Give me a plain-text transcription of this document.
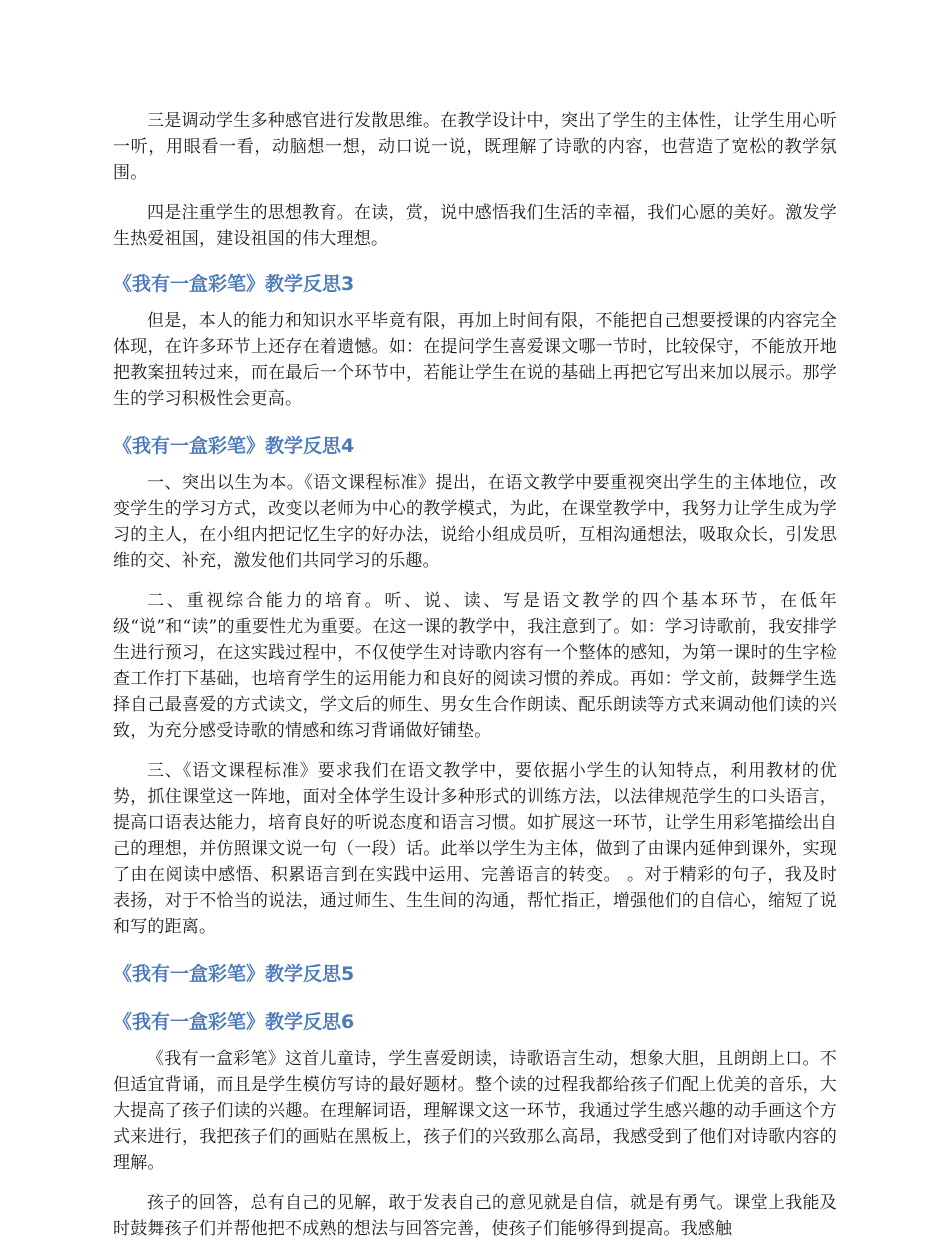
三是调动学生多种感官进行发散思维。在教学设计中，突出了学生的主体性，让学生用心听一听，用眼看一看，动脑想一想，动口说一说，既理解了诗歌的内容，也营造了宽松的教学氛围。

四是注重学生的思想教育。在读，赏，说中感悟我们生活的幸福，我们心愿的美好。激发学生热爱祖国，建设祖国的伟大理想。

《我有一盒彩笔》教学反思3

但是，本人的能力和知识水平毕竟有限，再加上时间有限，不能把自己想要授课的内容完全体现，在许多环节上还存在着遗憾。如：在提问学生喜爱课文哪一节时，比较保守，不能放开地把教案扭转过来，而在最后一个环节中，若能让学生在说的基础上再把它写出来加以展示。那学生的学习积极性会更高。

《我有一盒彩笔》教学反思4

一、突出以生为本。《语文课程标准》提出，在语文教学中要重视突出学生的主体地位，改变学生的学习方式，改变以老师为中心的教学模式，为此，在课堂教学中，我努力让学生成为学习的主人，在小组内把记忆生字的好办法，说给小组成员听，互相沟通想法，吸取众长，引发思维的交、补充，激发他们共同学习的乐趣。

二、重视综合能力的培育。听、说、读、写是语文教学的四个基本环节，在低年级“说”和“读”的重要性尤为重要。在这一课的教学中，我注意到了。如：学习诗歌前，我安排学生进行预习，在这实践过程中，不仅使学生对诗歌内容有一个整体的感知，为第一课时的生字检查工作打下基础，也培育学生的运用能力和良好的阅读习惯的养成。再如：学文前，鼓舞学生选择自己最喜爱的方式读文，学文后的师生、男女生合作朗读、配乐朗读等方式来调动他们读的兴致，为充分感受诗歌的情感和练习背诵做好铺垫。

三、《语文课程标准》要求我们在语文教学中，要依据小学生的认知特点，利用教材的优势，抓住课堂这一阵地，面对全体学生设计多种形式的训练方法，以法律规范学生的口头语言，提高口语表达能力，培育良好的听说态度和语言习惯。如扩展这一环节，让学生用彩笔描绘出自己的理想，并仿照课文说一句（一段）话。此举以学生为主体，做到了由课内延伸到课外，实现了由在阅读中感悟、积累语言到在实践中运用、完善语言的转变。 。对于精彩的句子，我及时表扬，对于不恰当的说法，通过师生、生生间的沟通，帮忙指正，增强他们的自信心，缩短了说和写的距离。

《我有一盒彩笔》教学反思5
《我有一盒彩笔》教学反思6

《我有一盒彩笔》这首儿童诗，学生喜爱朗读，诗歌语言生动，想象大胆，且朗朗上口。不但适宜背诵，而且是学生模仿写诗的最好题材。整个读的过程我都给孩子们配上优美的音乐，大大提高了孩子们读的兴趣。在理解词语，理解课文这一环节，我通过学生感兴趣的动手画这个方式来进行，我把孩子们的画贴在黑板上，孩子们的兴致那么高昂，我感受到了他们对诗歌内容的理解。

孩子的回答，总有自己的见解，敢于发表自己的意见就是自信，就是有勇气。课堂上我能及时鼓舞孩子们并帮他把不成熟的想法与回答完善，使孩子们能够得到提高。我感触
